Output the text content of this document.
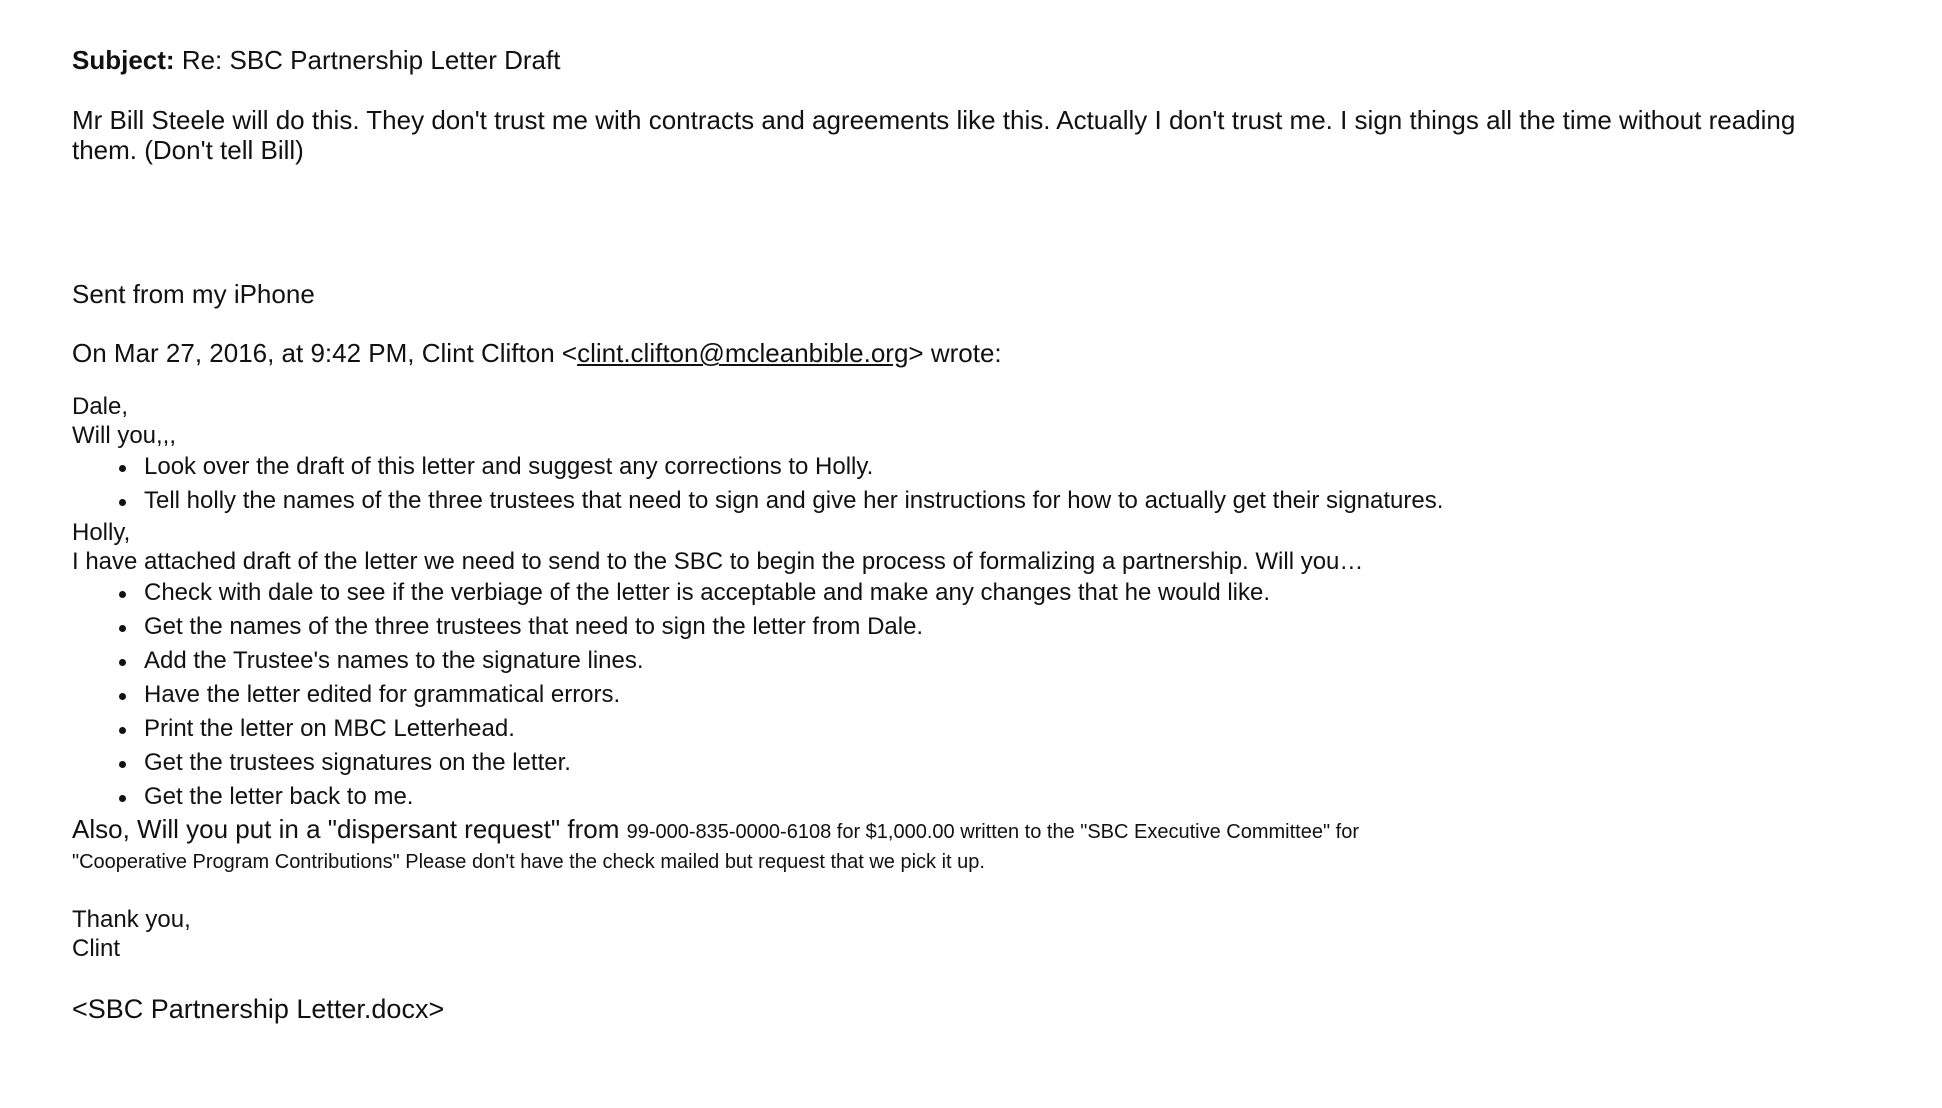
Subject: Re: SBC Partnership Letter Draft

Mr Bill Steele will do this. They don't trust me with contracts and agreements like this. Actually I don't trust me. I sign things all the time without reading them. (Don't tell Bill)

Sent from my iPhone

On Mar 27, 2016, at 9:42 PM, Clint Clifton <clint.clifton@mcleanbible.org> wrote:

Dale,
Will you,,,
Look over the draft of this letter and suggest any corrections to Holly.
Tell holly the names of the three trustees that need to sign and give her instructions for how to actually get their signatures.
Holly,
I have attached draft of the letter we need to send to the SBC to begin the process of formalizing a partnership. Will you…
Check with dale to see if the verbiage of the letter is acceptable and make any changes that he would like.
Get the names of the three trustees that need to sign the letter from Dale.
Add the Trustee's names to the signature lines.
Have the letter edited for grammatical errors.
Print the letter on MBC Letterhead.
Get the trustees signatures on the letter.
Get the letter back to me.
Also, Will you put in a "dispersant request" from 99-000-835-0000-6108 for $1,000.00 written to the "SBC Executive Committee" for
"Cooperative Program Contributions" Please don't have the check mailed but request that we pick it up.
Thank you,
Clint
<SBC Partnership Letter.docx>
